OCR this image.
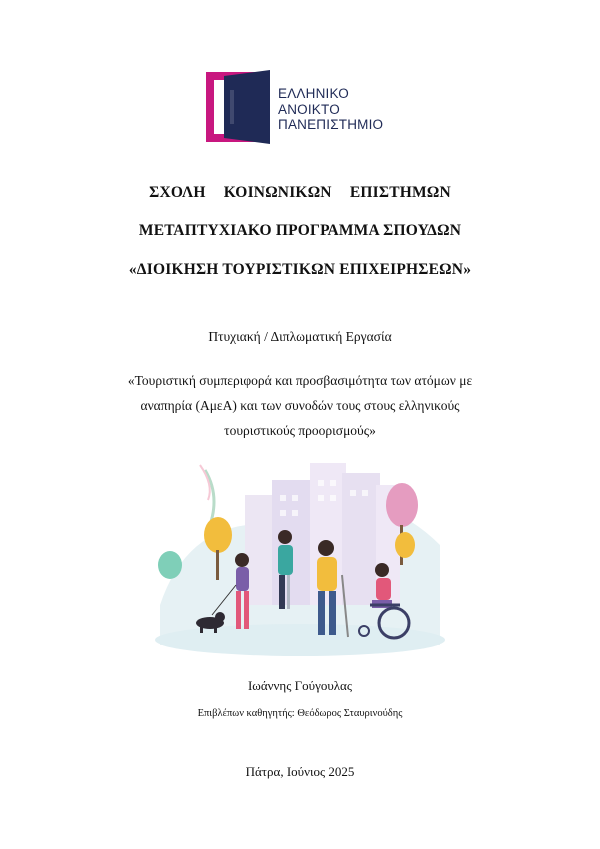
ΕΛΛΗΝΙΚΟ
ΑΝΟΙΚΤΟ
ΠΑΝΕΠΙΣΤΗΜΙΟ
ΣΧΟΛΗ  ΚΟΙΝΩΝΙΚΩΝ  ΕΠΙΣΤΗΜΩΝ
ΜΕΤΑΠΤΥΧΙΑΚΟ ΠΡΟΓΡΑΜΜΑ ΣΠΟΥΔΩΝ
«ΔΙΟΙΚΗΣΗ ΤΟΥΡΙΣΤΙΚΩΝ ΕΠΙΧΕΙΡΗΣΕΩΝ»
Πτυχιακή / Διπλωματική Εργασία
«Τουριστική συμπεριφορά και προσβασιμότητα των ατόμων με
αναπηρία (ΑμεΑ) και των συνοδών τους στους ελληνικούς
τουριστικούς προορισμούς»
Ιωάννης Γούγουλας
Επιβλέπων καθηγητής: Θεόδωρος Σταυρινούδης
Πάτρα, Ιούνιος 2025
